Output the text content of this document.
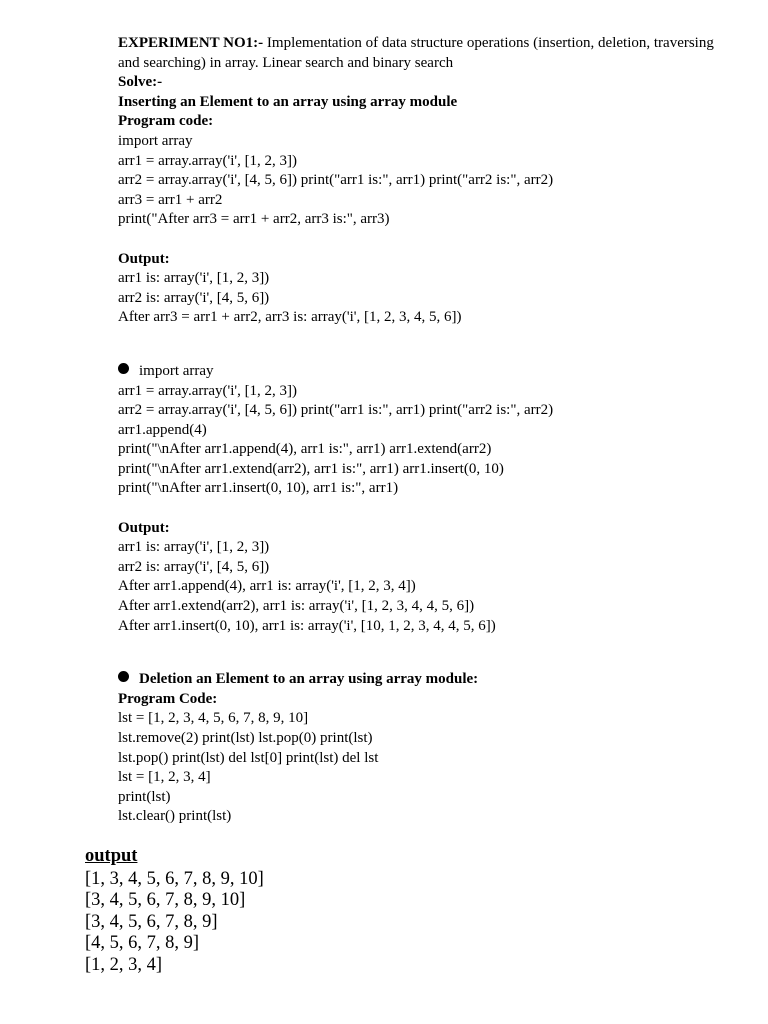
EXPERIMENT NO1:- Implementation of data structure operations (insertion, deletion, traversing and searching) in array. Linear search and binary search
Solve:-
Inserting an Element to an array using array module
Program code:
import array
arr1 = array.array('i', [1, 2, 3])
arr2 = array.array('i', [4, 5, 6]) print("arr1 is:", arr1) print("arr2 is:", arr2)
arr3 = arr1 + arr2
print("After arr3 = arr1 + arr2, arr3 is:", arr3)
Output:
arr1 is: array('i', [1, 2, 3])
arr2 is: array('i', [4, 5, 6])
After arr3 = arr1 + arr2, arr3 is: array('i', [1, 2, 3, 4, 5, 6])
import array
arr1 = array.array('i', [1, 2, 3])
arr2 = array.array('i', [4, 5, 6]) print("arr1 is:", arr1) print("arr2 is:", arr2)
arr1.append(4)
print("\nAfter arr1.append(4), arr1 is:", arr1) arr1.extend(arr2)
print("\nAfter arr1.extend(arr2), arr1 is:", arr1) arr1.insert(0, 10)
print("\nAfter arr1.insert(0, 10), arr1 is:", arr1)
Output:
arr1 is: array('i', [1, 2, 3])
arr2 is: array('i', [4, 5, 6])
After arr1.append(4), arr1 is: array('i', [1, 2, 3, 4])
After arr1.extend(arr2), arr1 is: array('i', [1, 2, 3, 4, 4, 5, 6])
After arr1.insert(0, 10), arr1 is: array('i', [10, 1, 2, 3, 4, 4, 5, 6])
Deletion an Element to an array using array module:
Program Code:
lst = [1, 2, 3, 4, 5, 6, 7, 8, 9, 10]
lst.remove(2) print(lst) lst.pop(0) print(lst)
lst.pop() print(lst) del lst[0] print(lst) del lst
lst = [1, 2, 3, 4]
print(lst)
lst.clear() print(lst)
output
[1, 3, 4, 5, 6, 7, 8, 9, 10]
[3, 4, 5, 6, 7, 8, 9, 10]
[3, 4, 5, 6, 7, 8, 9]
[4, 5, 6, 7, 8, 9]
[1, 2, 3, 4]
